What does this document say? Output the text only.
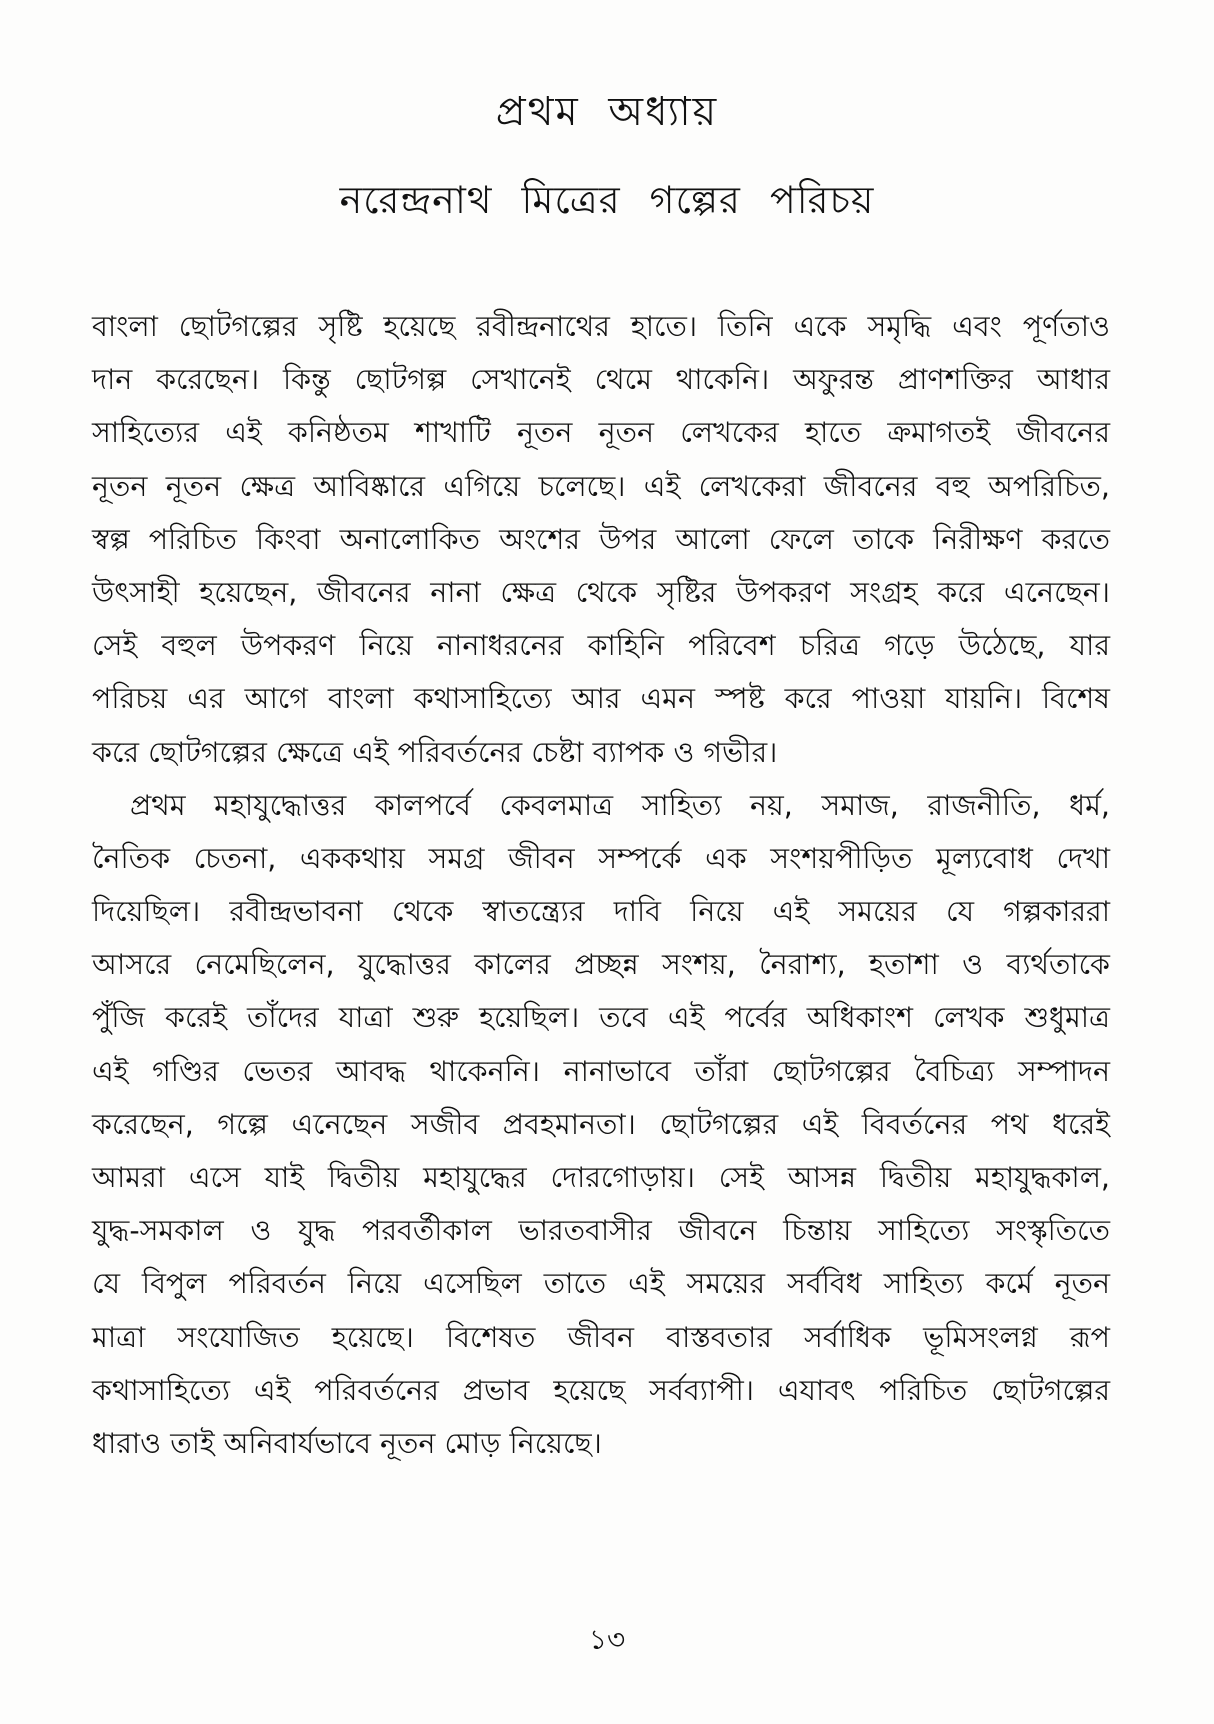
প্রথম অধ্যায়
নরেন্দ্রনাথ মিত্রের গল্পের পরিচয়
বাংলা ছোটগল্পের সৃষ্টি হয়েছে রবীন্দ্রনাথের হাতে। তিনি একে সমৃদ্ধি এবং পূর্ণতাও
দান করেছেন। কিন্তু ছোটগল্প সেখানেই থেমে থাকেনি। অফুরন্ত প্রাণশক্তির আধার
সাহিত্যের এই কনিষ্ঠতম শাখাটি নূতন নূতন লেখকের হাতে ক্রমাগতই জীবনের
নূতন নূতন ক্ষেত্র আবিষ্কারে এগিয়ে চলেছে। এই লেখকেরা জীবনের বহু অপরিচিত,
স্বল্প পরিচিত কিংবা অনালোকিত অংশের উপর আলো ফেলে তাকে নিরীক্ষণ করতে
উৎসাহী হয়েছেন, জীবনের নানা ক্ষেত্র থেকে সৃষ্টির উপকরণ সংগ্রহ করে এনেছেন।
সেই বহুল উপকরণ নিয়ে নানাধরনের কাহিনি পরিবেশ চরিত্র গড়ে উঠেছে, যার
পরিচয় এর আগে বাংলা কথাসাহিত্যে আর এমন স্পষ্ট করে পাওয়া যায়নি। বিশেষ
করে ছোটগল্পের ক্ষেত্রে এই পরিবর্তনের চেষ্টা ব্যাপক ও গভীর।
প্রথম মহাযুদ্ধোত্তর কালপর্বে কেবলমাত্র সাহিত্য নয়, সমাজ, রাজনীতি, ধর্ম,
নৈতিক চেতনা, এককথায় সমগ্র জীবন সম্পর্কে এক সংশয়পীড়িত মূল্যবোধ দেখা
দিয়েছিল। রবীন্দ্রভাবনা থেকে স্বাতন্ত্র্যের দাবি নিয়ে এই সময়ের যে গল্পকাররা
আসরে নেমেছিলেন, যুদ্ধোত্তর কালের প্রচ্ছন্ন সংশয়, নৈরাশ্য, হতাশা ও ব্যর্থতাকে
পুঁজি করেই তাঁদের যাত্রা শুরু হয়েছিল। তবে এই পর্বের অধিকাংশ লেখক শুধুমাত্র
এই গণ্ডির ভেতর আবদ্ধ থাকেননি। নানাভাবে তাঁরা ছোটগল্পের বৈচিত্র্য সম্পাদন
করেছেন, গল্পে এনেছেন সজীব প্রবহমানতা। ছোটগল্পের এই বিবর্তনের পথ ধরেই
আমরা এসে যাই দ্বিতীয় মহাযুদ্ধের দোরগোড়ায়। সেই আসন্ন দ্বিতীয় মহাযুদ্ধকাল,
যুদ্ধ-সমকাল ও যুদ্ধ পরবর্তীকাল ভারতবাসীর জীবনে চিন্তায় সাহিত্যে সংস্কৃতিতে
যে বিপুল পরিবর্তন নিয়ে এসেছিল তাতে এই সময়ের সর্ববিধ সাহিত্য কর্মে নূতন
মাত্রা সংযোজিত হয়েছে। বিশেষত জীবন বাস্তবতার সর্বাধিক ভূমিসংলগ্ন রূপ
কথাসাহিত্যে এই পরিবর্তনের প্রভাব হয়েছে সর্বব্যাপী। এযাবৎ পরিচিত ছোটগল্পের
ধারাও তাই অনিবার্যভাবে নূতন মোড় নিয়েছে।
১৩
